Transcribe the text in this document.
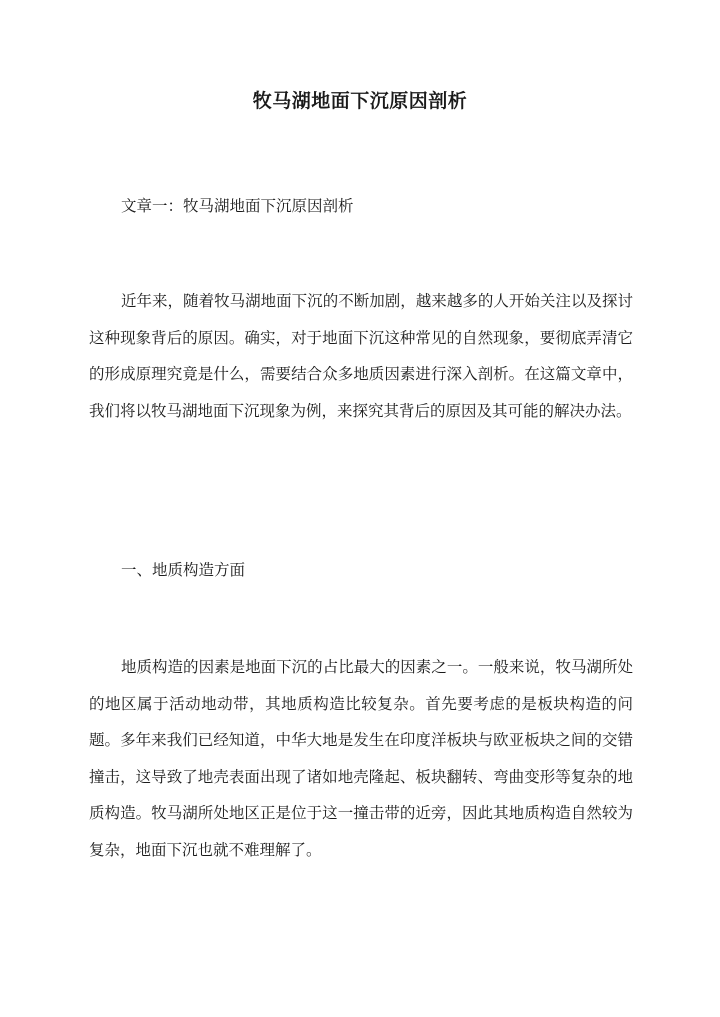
牧马湖地面下沉原因剖析

文章一：牧马湖地面下沉原因剖析

近年来，随着牧马湖地面下沉的不断加剧，越来越多的人开始关注以及探讨这种现象背后的原因。确实，对于地面下沉这种常见的自然现象，要彻底弄清它的形成原理究竟是什么，需要结合众多地质因素进行深入剖析。在这篇文章中，我们将以牧马湖地面下沉现象为例，来探究其背后的原因及其可能的解决办法。

一、地质构造方面

地质构造的因素是地面下沉的占比最大的因素之一。一般来说，牧马湖所处的地区属于活动地动带，其地质构造比较复杂。首先要考虑的是板块构造的问题。多年来我们已经知道，中华大地是发生在印度洋板块与欧亚板块之间的交错撞击，这导致了地壳表面出现了诸如地壳隆起、板块翻转、弯曲变形等复杂的地质构造。牧马湖所处地区正是位于这一撞击带的近旁，因此其地质构造自然较为复杂，地面下沉也就不难理解了。
